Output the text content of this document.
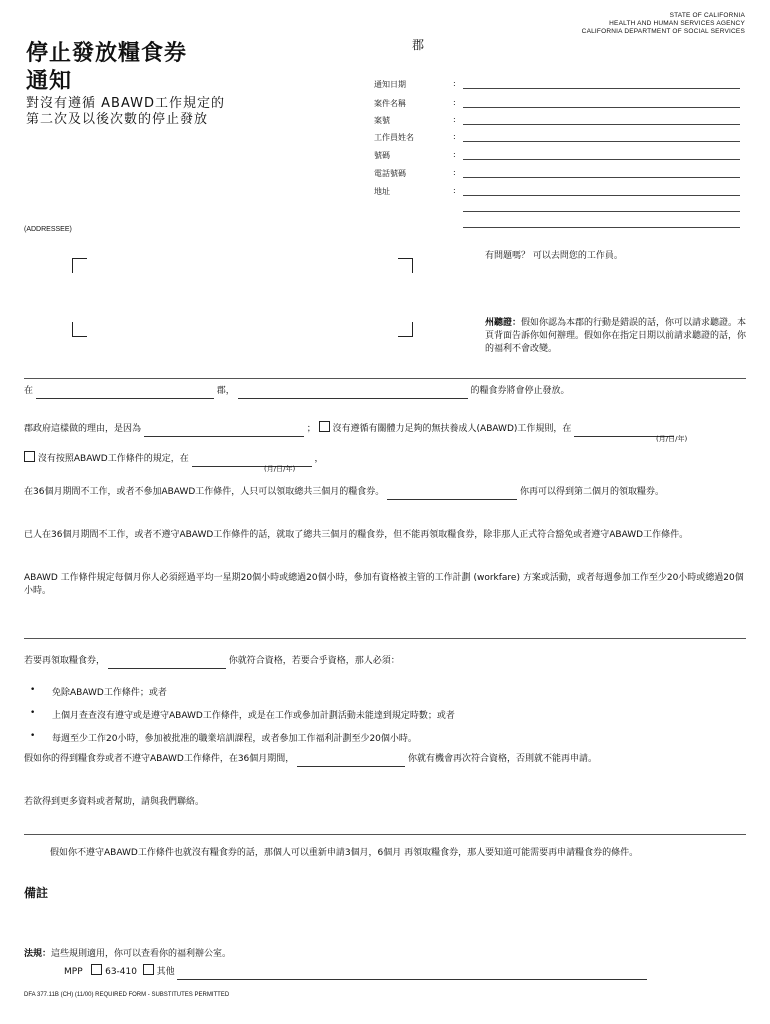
STATE OF CALIFORNIA
HEALTH AND HUMAN SERVICES AGENCY
CALIFORNIA DEPARTMENT OF SOCIAL SERVICES
停止發放糧食券
通知
對沒有遵循 ABAWD工作規定的
第二次及以後次數的停止發放
郡
通知日期	:
案件名稱	:
案號	:
工作員姓名	:
號碼	:
電話號碼	:
地址	:
(ADDRESSEE)
有問題嗎？ 可以去問您的工作員。
州聽證：假如你認為本郡的行動是錯誤的話，你可以請求聽證。本頁背面告訴你如何辦理。假如你在指定日期以前請求聽證的話，你的福利不會改變。
在	郡，	的糧食券將會停止發放。
郡政府這樣做的理由，是因為	； 沒有遵循有關體力足夠的無扶養成人(ABAWD)工作規則，在
(月/日/年)
沒有按照ABAWD工作條件的規定，在	，
(月/日/年)
在36個月期間不工作，或者不參加ABAWD工作條件，人只可以領取總共三個月的糧食券。	你再可以得到第二個月的領取糧券。
已人在36個月期間不工作，或者不遵守ABAWD工作條件的話，就取了總共三個月的糧食券，但不能再領取糧食券，除非那人正式符合豁免或者遵守ABAWD工作條件。
ABAWD 工作條件規定每個月你人必須經過平均一星期20個小時或總過20個小時，參加有資格被主管的工作計劃 (workfare) 方案或活動，或者每週參加工作至少20小時或總過20個小時。
若要再領取糧食券，	你就符合資格，若要合乎資格，那人必須：
• 免除ABAWD工作條件；或者
• 上個月查查沒有遵守或是遵守ABAWD工作條件，或是在工作或參加計劃活動未能達到規定時數；或者
• 每週至少工作20小時，參加被批准的職業培訓課程，或者參加工作福利計劃至少20個小時。
假如你的得到糧食券或者不遵守ABAWD工作條件，在36個月期間，	你就有機會再次符合資格，否則就不能再申請。
若欲得到更多資料或者幫助，請與我們聯絡。
假如你不遵守ABAWD工作條件也就沒有糧食券的話，那個人可以重新申請3個月，6個月 再領取糧食券，那人要知道可能需要再申請糧食券的條件。
備註
法規：這些規則適用，你可以查看你的福利辦公室。
MPP 63-410 其他
DFA 377.11B (CH) (11/00) REQUIRED FORM - SUBSTITUTES PERMITTED
